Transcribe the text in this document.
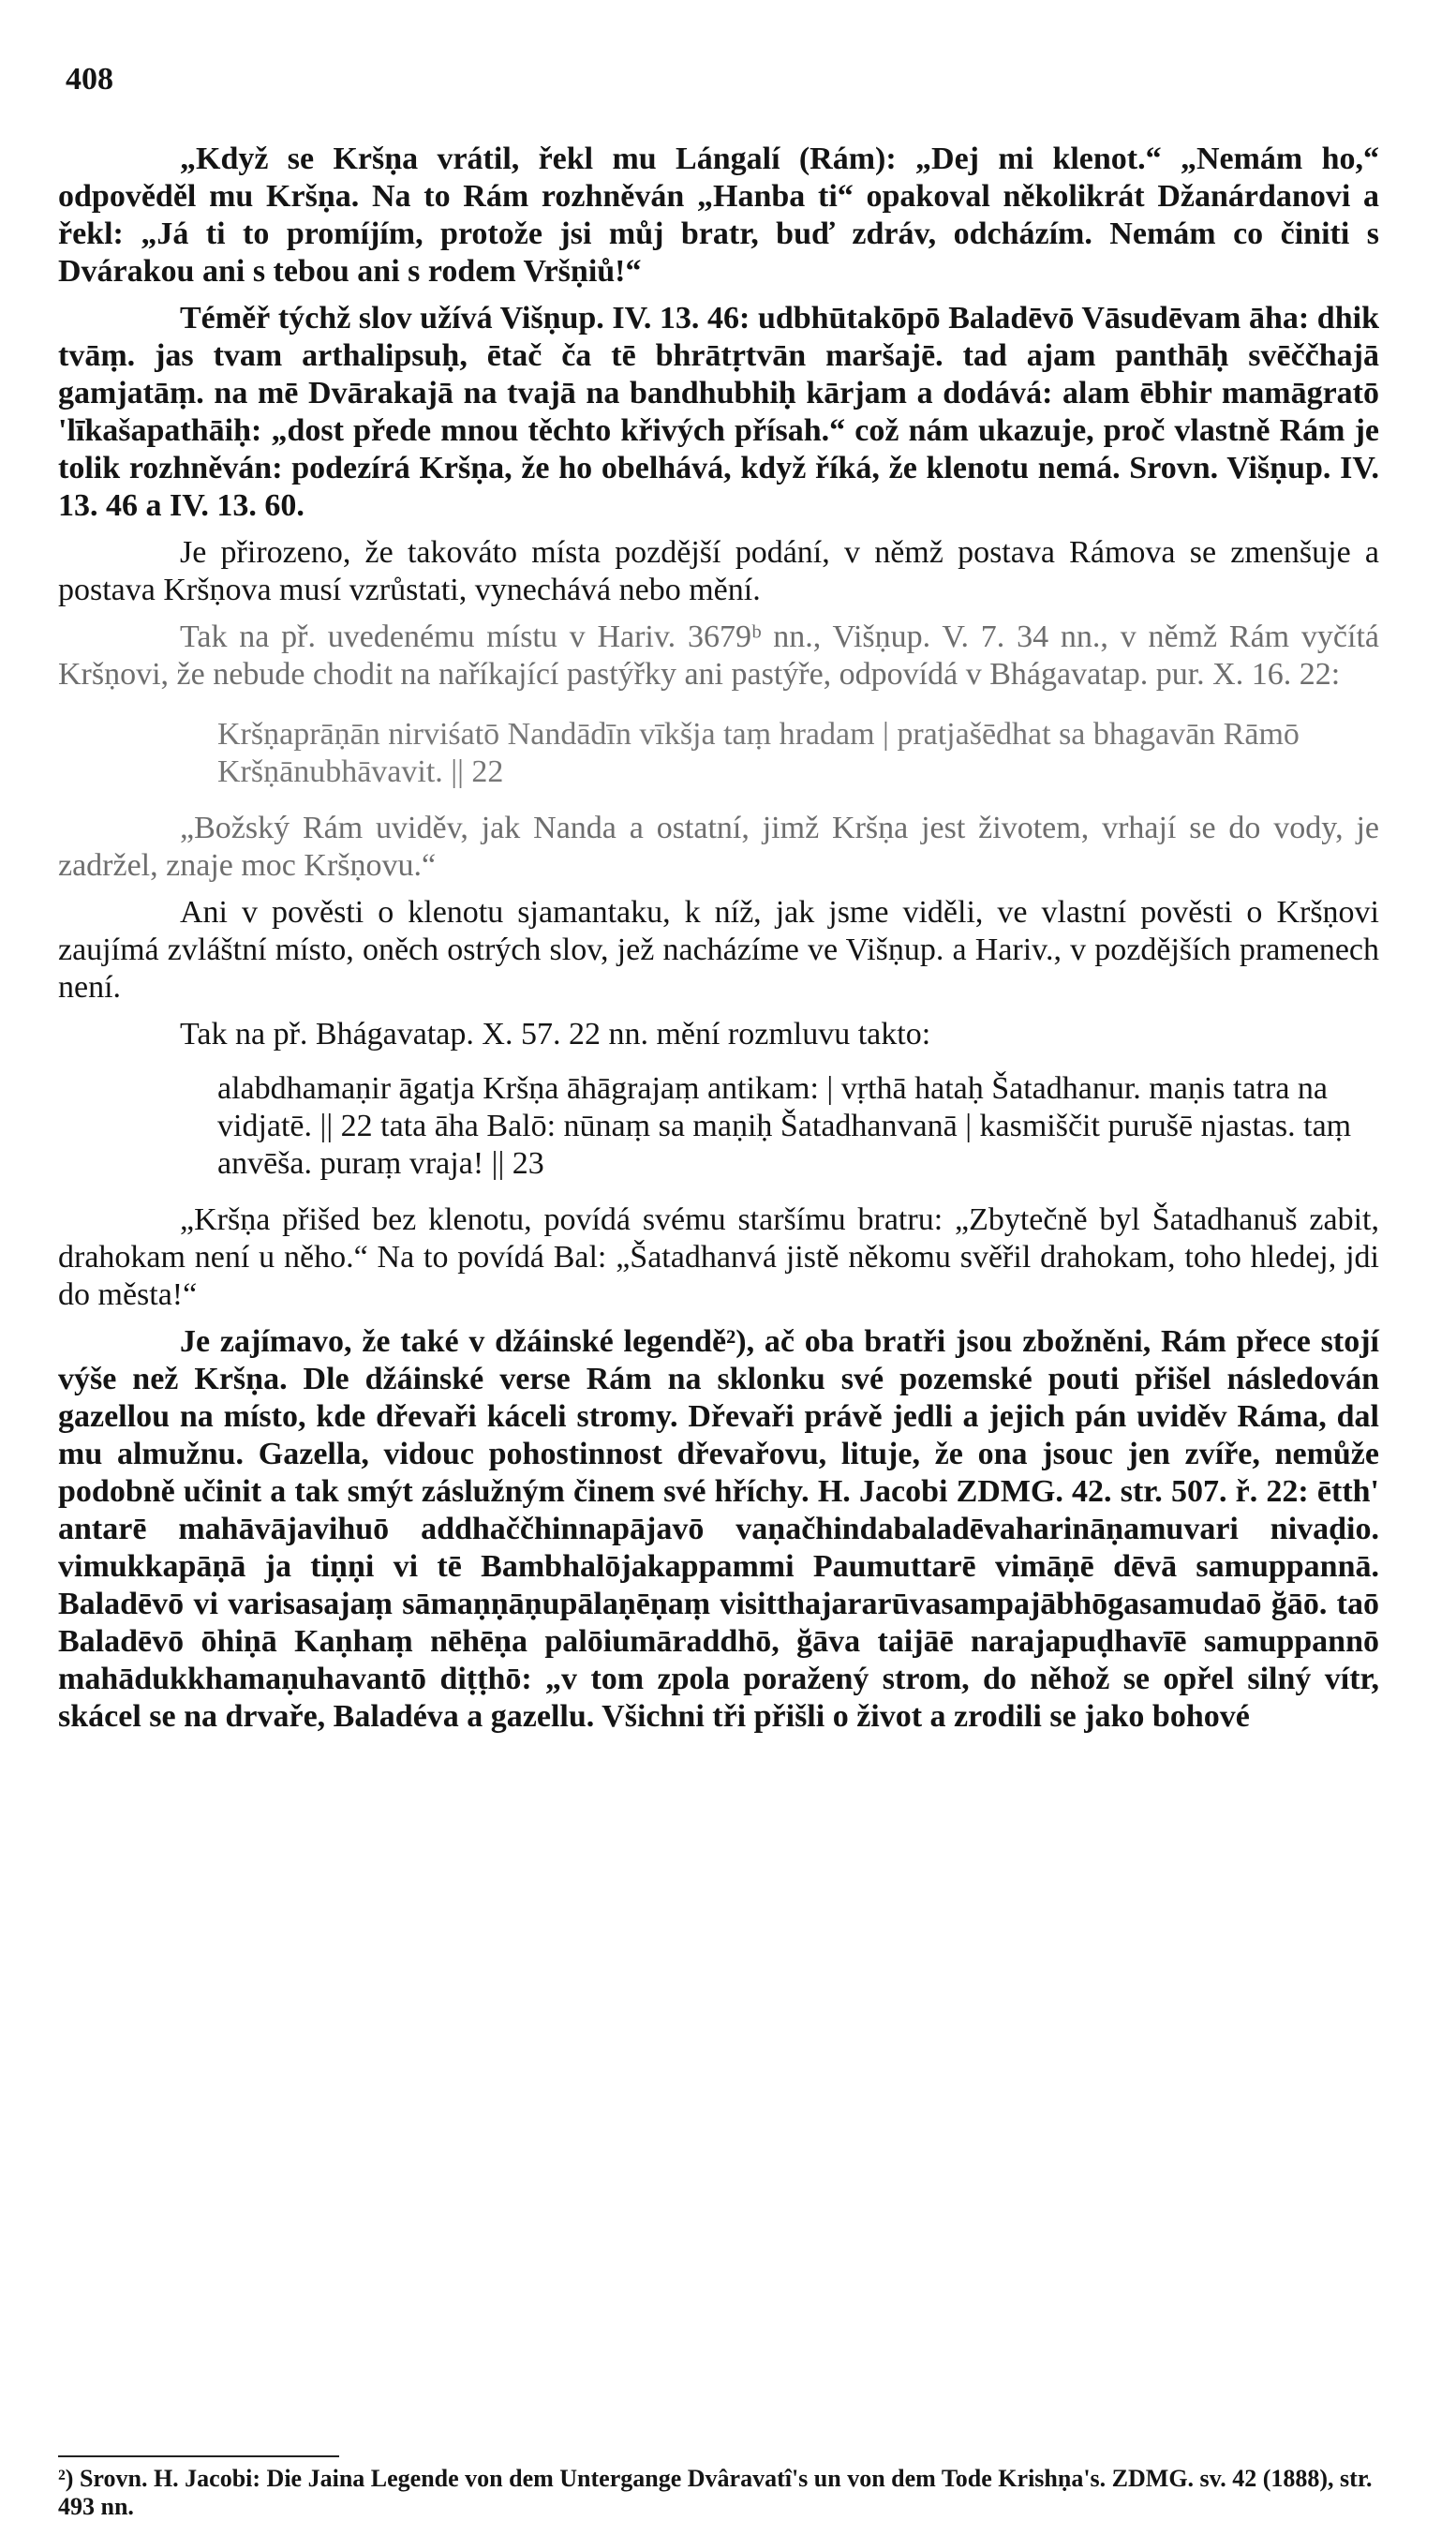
408

„Když se Kršṇa vrátil, řekl mu Lángalí (Rám): „Dej mi klenot.“ „Nemám ho,“ odpověděl mu Kršṇa. Na to Rám rozhněván „Hanba ti“ opakoval několikrát Džanárdanovi a řekl: „Já ti to promíjím, protože jsi můj bratr, buď zdráv, odcházím. Nemám co činiti s Dvárakou ani s tebou ani s rodem Vršṇiů!“

Téměř týchž slov užívá Višṇup. IV. 13. 46: udbhūtakōpō Baladēvō Vāsudēvam āha: dhik tvāṃ. jas tvam arthalipsuḥ, ētač ča tē bhrātṛtvān maršajē. tad ajam panthāḥ svēččhajā gamjatāṃ. na mē Dvārakajā na tvajā na bandhubhiḥ kārjam a dodává: alam ēbhir mamāgratō 'līkašapathāiḥ: „dost přede mnou těchto křivých přísah.“ což nám ukazuje, proč vlastně Rám je tolik rozhněván: podezírá Kršṇa, že ho obelhává, když říká, že klenotu nemá. Srovn. Višṇup. IV. 13. 46 a IV. 13. 60.

Je přirozeno, že takováto místa pozdější podání, v němž postava Rámova se zmenšuje a postava Kršṇova musí vzrůstati, vynechává nebo mění.

Tak na př. uvedenému místu v Hariv. 3679ᵇ nn., Višṇup. V. 7. 34 nn., v němž Rám vyčítá Kršṇovi, že nebude chodit na naříkající pastýřky ani pastýře, odpovídá v Bhágavatap. pur. X. 16. 22:

Kršṇaprāṇān nirviśatō Nandādīn vīkšja taṃ hradam | pratjašēdhat sa bhagavān Rāmō Kršṇānubhāvavit. || 22

„Božský Rám uviděv, jak Nanda a ostatní, jimž Kršṇa jest životem, vrhají se do vody, je zadržel, znaje moc Kršṇovu.“

Ani v pověsti o klenotu sjamantaku, k níž, jak jsme viděli, ve vlastní pověsti o Kršṇovi zaujímá zvláštní místo, oněch ostrých slov, jež nacházíme ve Višṇup. a Hariv., v pozdějších pramenech není.

Tak na př. Bhágavatap. X. 57. 22 nn. mění rozmluvu takto:

alabdhamaṇir āgatja Kršṇa āhāgrajaṃ antikam: | vṛthā hataḥ Šatadhanur. maṇis tatra na vidjatē. || 22 tata āha Balō: nūnaṃ sa maṇiḥ Šatadhanvanā | kasmiščit purušē njastas. taṃ anvēša. puraṃ vraja! || 23

„Kršṇa přišed bez klenotu, povídá svému staršímu bratru: „Zbytečně byl Šatadhanuš zabit, drahokam není u něho.“ Na to povídá Bal: „Šatadhanvá jistě někomu svěřil drahokam, toho hledej, jdi do města!“

Je zajímavo, že také v džáinské legendě²), ač oba bratři jsou zbožněni, Rám přece stojí výše než Kršṇa. Dle džáinské verse Rám na sklonku své pozemské pouti přišel následován gazellou na místo, kde dřevaři káceli stromy. Dřevaři právě jedli a jejich pán uviděv Ráma, dal mu almužnu. Gazella, vidouc pohostinnost dřevařovu, lituje, že ona jsouc jen zvíře, nemůže podobně učinit a tak smýt záslužným činem své hříchy. H. Jacobi ZDMG. 42. str. 507. ř. 22: ētth' antarē mahāvājavihuō addhaččhinnapājavō vaṇačhindabaladēvaharināṇamuvari nivaḍio. vimukkapāṇā ja tiṇṇi vi tē Bambhalōjakappammi Paumuttarē vimāṇē dēvā samuppannā. Baladēvō vi varisasajaṃ sāmaṇṇāṇupālaṇēṇaṃ visitthajararūvasampajābhōgasamudaō ğāō. taō Baladēvō ōhiṇā Kaṇhaṃ nēhēṇa palōiumāraddhō, ğāva taijāē narajapuḍhavīē samuppannō mahādukkhamaṇuhavantō diṭṭhō: „v tom zpola poražený strom, do něhož se opřel silný vítr, skácel se na drvaře, Baladéva a gazellu. Všichni tři přišli o život a zrodili se jako bohové

²) Srovn. H. Jacobi: Die Jaina Legende von dem Untergange Dvâravatî's un von dem Tode Krishṇa's. ZDMG. sv. 42 (1888), str. 493 nn.
